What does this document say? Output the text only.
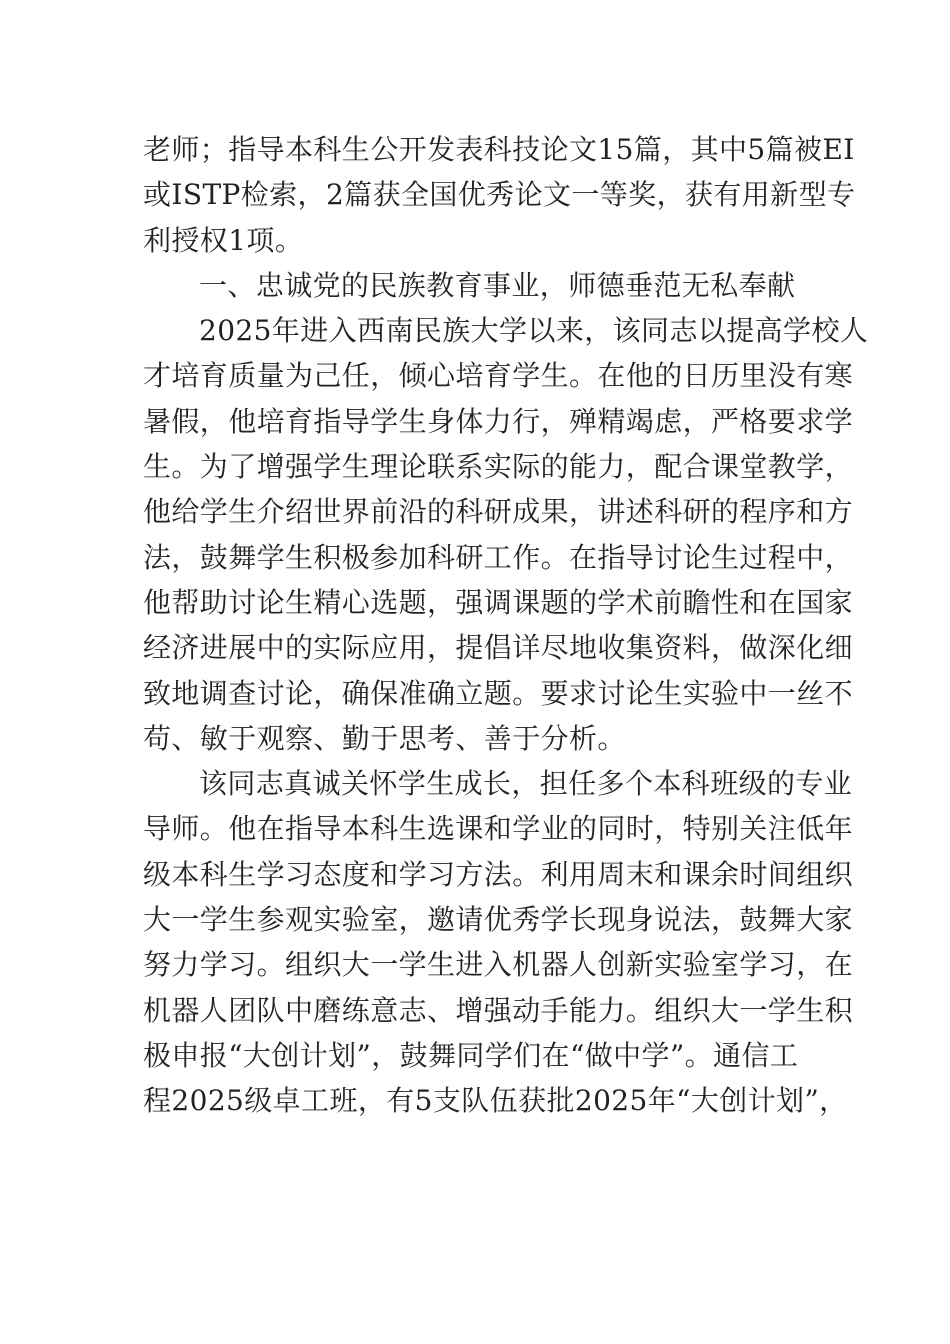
老师；指导本科生公开发表科技论文15篇，其中5篇被EI
或ISTP检索，2篇获全国优秀论文一等奖，获有用新型专
利授权1项。
一、忠诚党的民族教育事业，师德垂范无私奉献
2025年进入西南民族大学以来，该同志以提高学校人
才培育质量为己任，倾心培育学生。在他的日历里没有寒
暑假，他培育指导学生身体力行，殚精竭虑，严格要求学
生。为了增强学生理论联系实际的能力，配合课堂教学，
他给学生介绍世界前沿的科研成果，讲述科研的程序和方
法，鼓舞学生积极参加科研工作。在指导讨论生过程中，
他帮助讨论生精心选题，强调课题的学术前瞻性和在国家
经济进展中的实际应用，提倡详尽地收集资料，做深化细
致地调查讨论，确保准确立题。要求讨论生实验中一丝不
苟、敏于观察、勤于思考、善于分析。
该同志真诚关怀学生成长，担任多个本科班级的专业
导师。他在指导本科生选课和学业的同时，特别关注低年
级本科生学习态度和学习方法。利用周末和课余时间组织
大一学生参观实验室，邀请优秀学长现身说法，鼓舞大家
努力学习。组织大一学生进入机器人创新实验室学习，在
机器人团队中磨练意志、增强动手能力。组织大一学生积
极申报“大创计划”，鼓舞同学们在“做中学”。通信工
程2025级卓工班，有5支队伍获批2025年“大创计划”，
